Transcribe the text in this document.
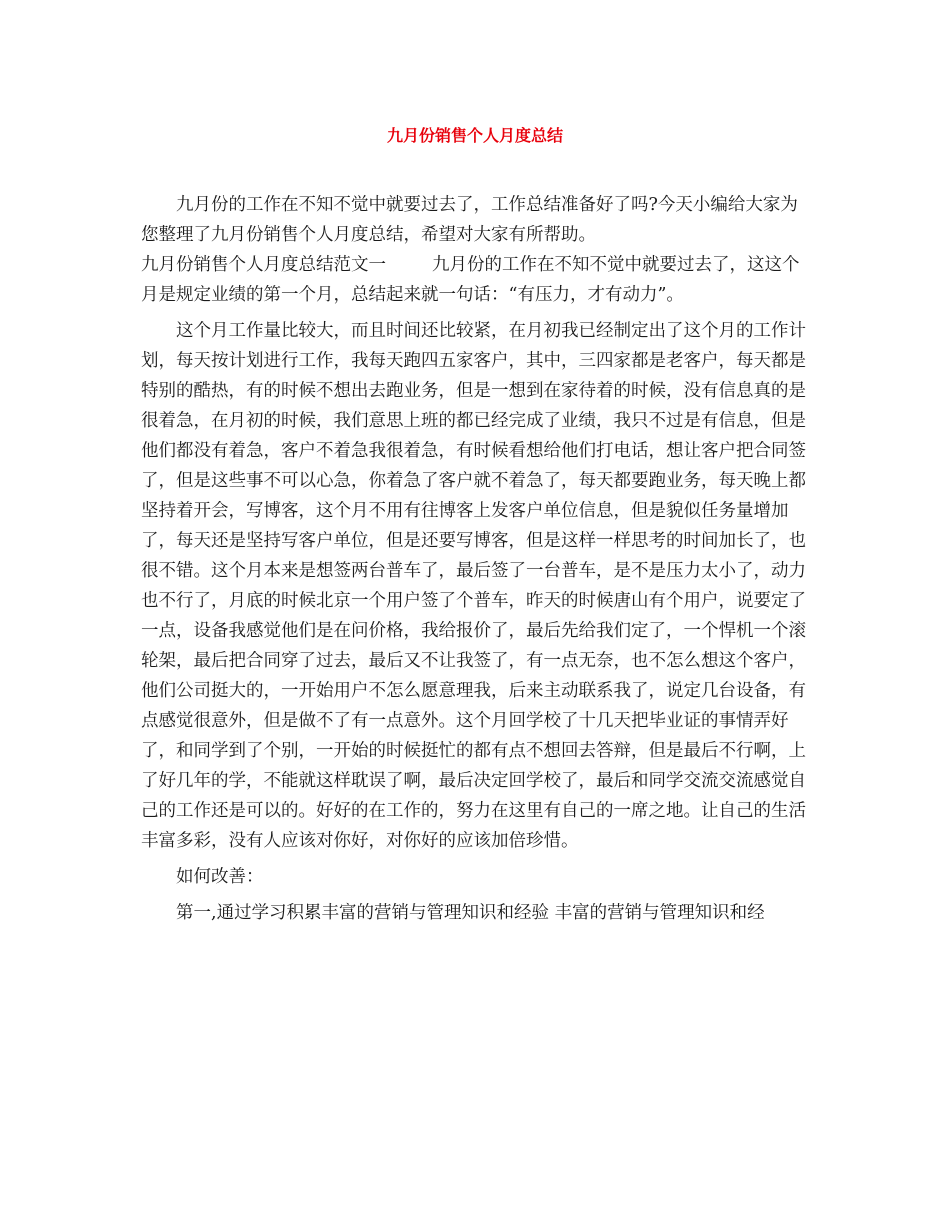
九月份销售个人月度总结

九月份的工作在不知不觉中就要过去了，工作总结准备好了吗?今天小编给大家为您整理了九月份销售个人月度总结，希望对大家有所帮助。

九月份销售个人月度总结范文一	九月份的工作在不知不觉中就要过去了，这这个月是规定业绩的第一个月，总结起来就一句话：“有压力，才有动力”。

这个月工作量比较大，而且时间还比较紧，在月初我已经制定出了这个月的工作计划，每天按计划进行工作，我每天跑四五家客户，其中，三四家都是老客户，每天都是特别的酷热，有的时候不想出去跑业务，但是一想到在家待着的时候，没有信息真的是很着急，在月初的时候，我们意思上班的都已经完成了业绩，我只不过是有信息，但是他们都没有着急，客户不着急我很着急，有时候看想给他们打电话，想让客户把合同签了，但是这些事不可以心急，你着急了客户就不着急了，每天都要跑业务，每天晚上都坚持着开会，写博客，这个月不用有往博客上发客户单位信息，但是貌似任务量增加了，每天还是坚持写客户单位，但是还要写博客，但是这样一样思考的时间加长了，也很不错。这个月本来是想签两台普车了，最后签了一台普车，是不是压力太小了，动力也不行了，月底的时候北京一个用户签了个普车，昨天的时候唐山有个用户，说要定了一点，设备我感觉他们是在问价格，我给报价了，最后先给我们定了，一个悍机一个滚轮架，最后把合同穿了过去，最后又不让我签了，有一点无奈，也不怎么想这个客户，他们公司挺大的，一开始用户不怎么愿意理我，后来主动联系我了，说定几台设备，有点感觉很意外，但是做不了有一点意外。这个月回学校了十几天把毕业证的事情弄好了，和同学到了个别，一开始的时候挺忙的都有点不想回去答辩，但是最后不行啊，上了好几年的学，不能就这样耽误了啊，最后决定回学校了，最后和同学交流交流感觉自己的工作还是可以的。好好的在工作的，努力在这里有自己的一席之地。让自己的生活丰富多彩，没有人应该对你好，对你好的应该加倍珍惜。

如何改善：

第一,通过学习积累丰富的营销与管理知识和经验 丰富的营销与管理知识和经
